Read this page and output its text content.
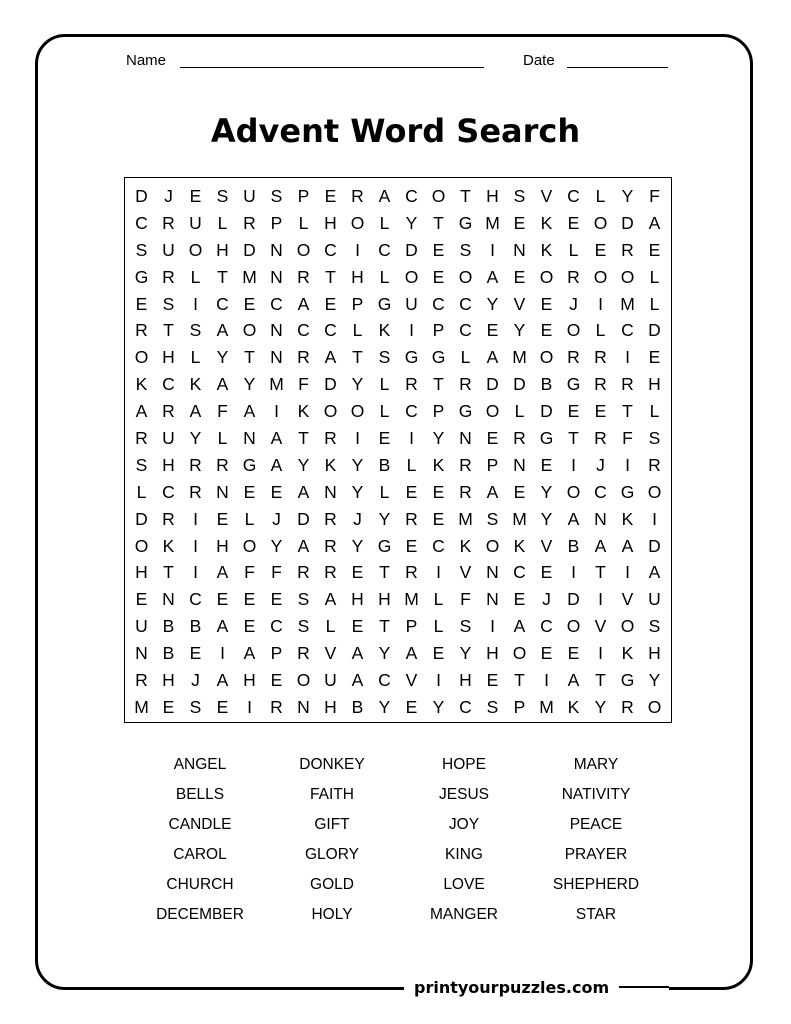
Name	Date
Advent Word Search
D J E S U S P E R A C O T H S V C L Y F
C R U L R P L H O L Y T G M E K E O D A
S U O H D N O C	I	C D E S	I	N K L E R E
G R L T M N R T H L O E O A E O R O O L
E S	I	C E C A E P G U C C Y V E J	I M L
R T S A O N C C L K	I	P C E Y E O L C D
O H L Y T N R A T S G G L A M O R R	I	E
K C K A Y M F D Y L R T R D D B G R R H
A R A F A	I	K O O L C P G O L D E E T L
R U Y L N A T R	I	E	I	Y N E R G T R F S
S H R R G A Y K Y B L K R P N E	I	J	I	R
L C R N E E A N Y L E E R A E Y O C G O
D R	I	E L	J D R J Y R E M S M Y A N K	I
O K	I	H O Y A R Y G E C K O K V B A A D
H T	I	A F F R R E T R	I	V N C E	I	T	I	A
E N C E E E S A H H M L F N E J D	I	V U
U B B A E C S L E T P L S	I	A C O V O S
N B E	I	A P R V A Y A E Y H O E E	I	K H
R H J A H E O U A C V	I	H E T	I	A T G Y
M E S E	I	R N H B Y E Y C S P M K Y R O
ANGEL	DONKEY	HOPE	MARY
BELLS	FAITH	JESUS	NATIVITY
CANDLE	GIFT	JOY	PEACE
CAROL	GLORY	KING	PRAYER
CHURCH	GOLD	LOVE	SHEPHERD
DECEMBER	HOLY	MANGER	STAR
printyourpuzzles.com
